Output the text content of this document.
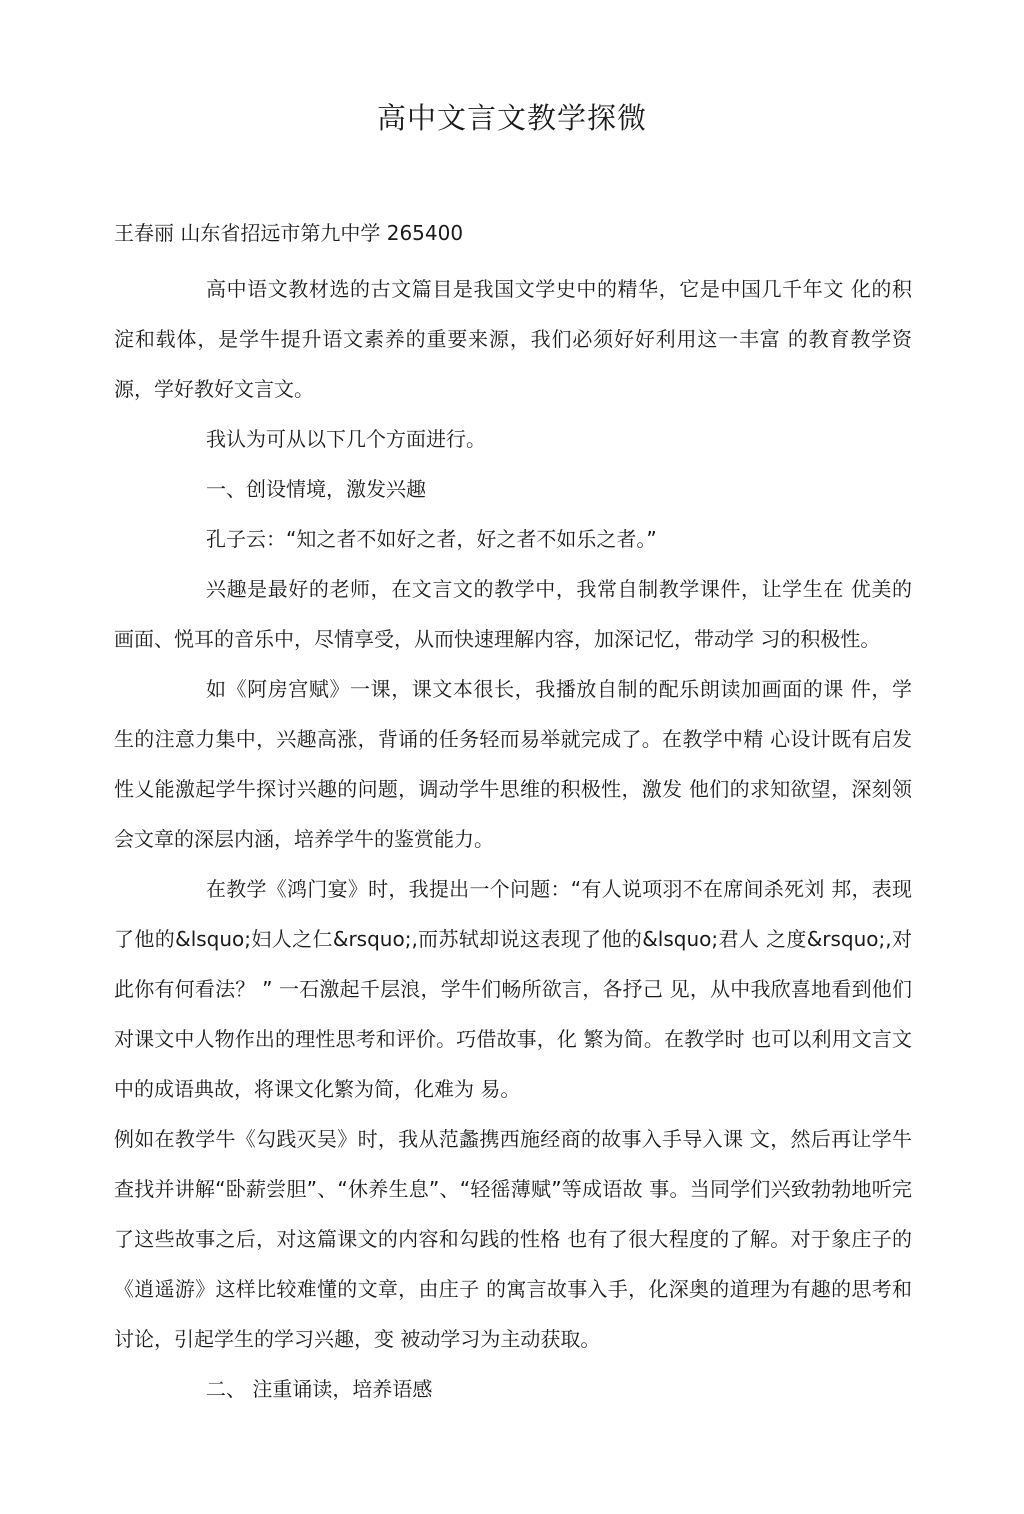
高中文言文教学探微
王春丽 山东省招远市第九中学 265400

高中语文教材选的古文篇目是我国文学史中的精华，它是中国几千年文 化的积淀和载体，是学牛提升语文素养的重要来源，我们必须好好利用这一丰富 的教育教学资源，学好教好文言文。

我认为可从以下几个方面进行。

一、创设情境，激发兴趣

孔子云：“知之者不如好之者，好之者不如乐之者。”

兴趣是最好的老师，在文言文的教学中，我常自制教学课件，让学生在 优美的画面、悦耳的音乐中，尽情享受，从而快速理解内容，加深记忆，带动学 习的积极性。

如《阿房宫赋》一课，课文本很长，我播放自制的配乐朗读加画面的课 件，学生的注意力集中，兴趣高涨，背诵的任务轻而易举就完成了。在教学中精 心设计既有启发性乂能激起学牛探讨兴趣的问题，调动学牛思维的积极性，激发 他们的求知欲望，深刻领会文章的深层内涵，培养学牛的鉴赏能力。

在教学《鸿门宴》时，我提出一个问题：“有人说项羽不在席间杀死刘 邦，表现了他的&lsquo;妇人之仁&rsquo;,而苏轼却说这表现了他的&lsquo;君人 之度&rsquo;,对此你有何看法？ ” 一石激起千层浪，学牛们畅所欲言，各抒己 见，从中我欣喜地看到他们对课文中人物作出的理性思考和评价。巧借故事，化 繁为简。在教学时 也可以利用文言文中的成语典故，将课文化繁为简，化难为 易。

例如在教学牛《勾践灭吴》时，我从范蠡携西施经商的故事入手导入课 文，然后再让学牛查找并讲解“卧薪尝胆”、“休养生息”、“轻徭薄赋”等成语故 事。当同学们兴致勃勃地听完了这些故事之后，对这篇课文的内容和勾践的性格 也有了很大程度的了解。对于象庄子的《逍遥游》这样比较难懂的文章，由庄子 的寓言故事入手，化深奥的道理为有趣的思考和讨论，引起学生的学习兴趣，变 被动学习为主动获取。

二、 注重诵读，培养语感
